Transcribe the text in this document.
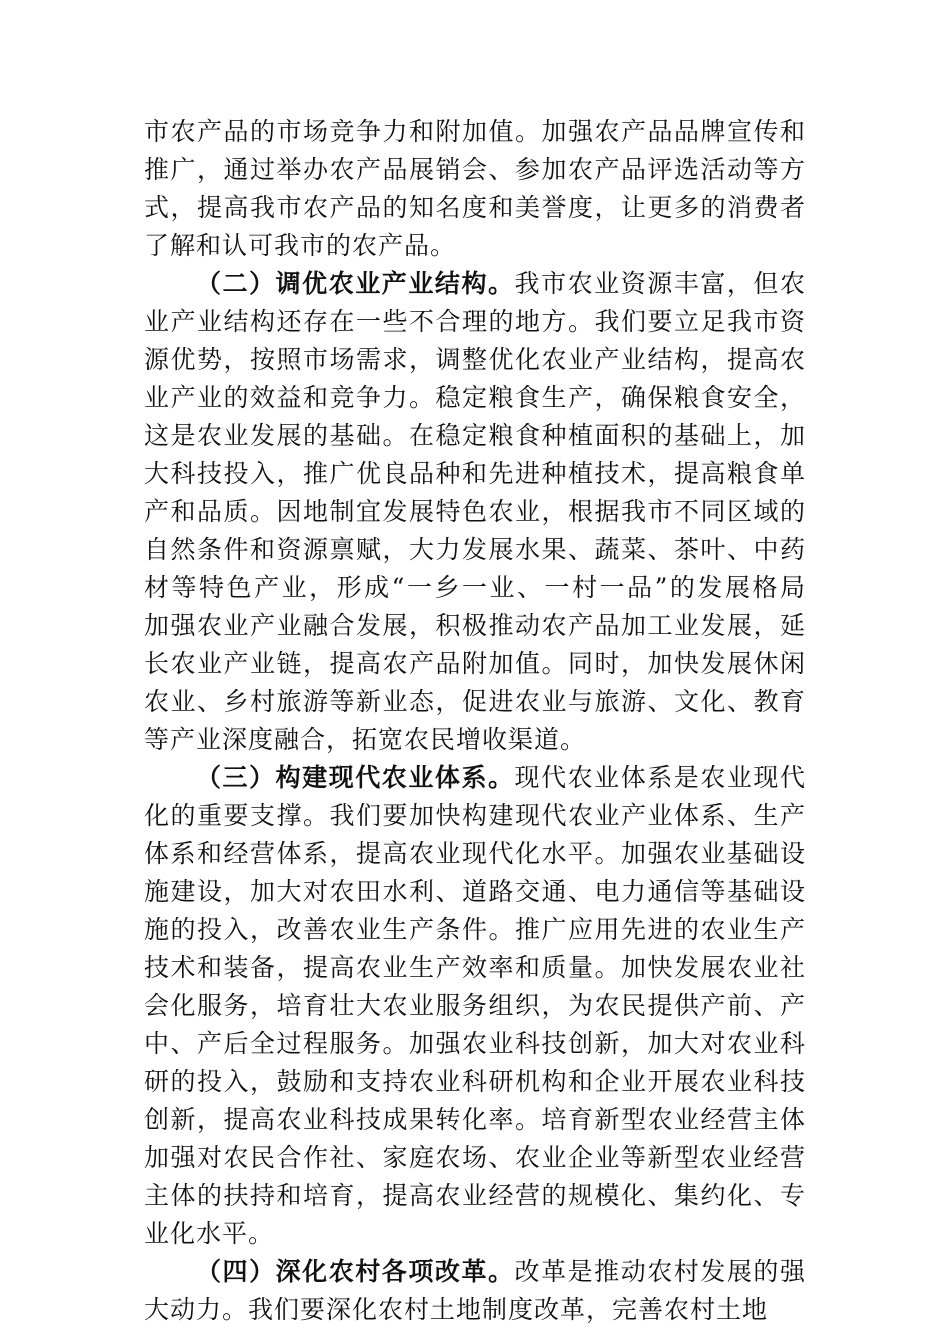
市农产品的市场竞争力和附加值。加强农产品品牌宣传和
推广，通过举办农产品展销会、参加农产品评选活动等方
式，提高我市农产品的知名度和美誉度，让更多的消费者
了解和认可我市的农产品。
（二）调优农业产业结构。我市农业资源丰富，但农
业产业结构还存在一些不合理的地方。我们要立足我市资
源优势，按照市场需求，调整优化农业产业结构，提高农
业产业的效益和竞争力。稳定粮食生产，确保粮食安全，
这是农业发展的基础。在稳定粮食种植面积的基础上，加
大科技投入，推广优良品种和先进种植技术，提高粮食单
产和品质。因地制宜发展特色农业，根据我市不同区域的
自然条件和资源禀赋，大力发展水果、蔬菜、茶叶、中药
材等特色产业，形成“一乡一业、一村一品”的发展格局
加强农业产业融合发展，积极推动农产品加工业发展，延
长农业产业链，提高农产品附加值。同时，加快发展休闲
农业、乡村旅游等新业态，促进农业与旅游、文化、教育
等产业深度融合，拓宽农民增收渠道。
（三）构建现代农业体系。现代农业体系是农业现代
化的重要支撑。我们要加快构建现代农业产业体系、生产
体系和经营体系，提高农业现代化水平。加强农业基础设
施建设，加大对农田水利、道路交通、电力通信等基础设
施的投入，改善农业生产条件。推广应用先进的农业生产
技术和装备，提高农业生产效率和质量。加快发展农业社
会化服务，培育壮大农业服务组织，为农民提供产前、产
中、产后全过程服务。加强农业科技创新，加大对农业科
研的投入，鼓励和支持农业科研机构和企业开展农业科技
创新，提高农业科技成果转化率。培育新型农业经营主体
加强对农民合作社、家庭农场、农业企业等新型农业经营
主体的扶持和培育，提高农业经营的规模化、集约化、专
业化水平。
（四）深化农村各项改革。改革是推动农村发展的强
大动力。我们要深化农村土地制度改革，完善农村土地
